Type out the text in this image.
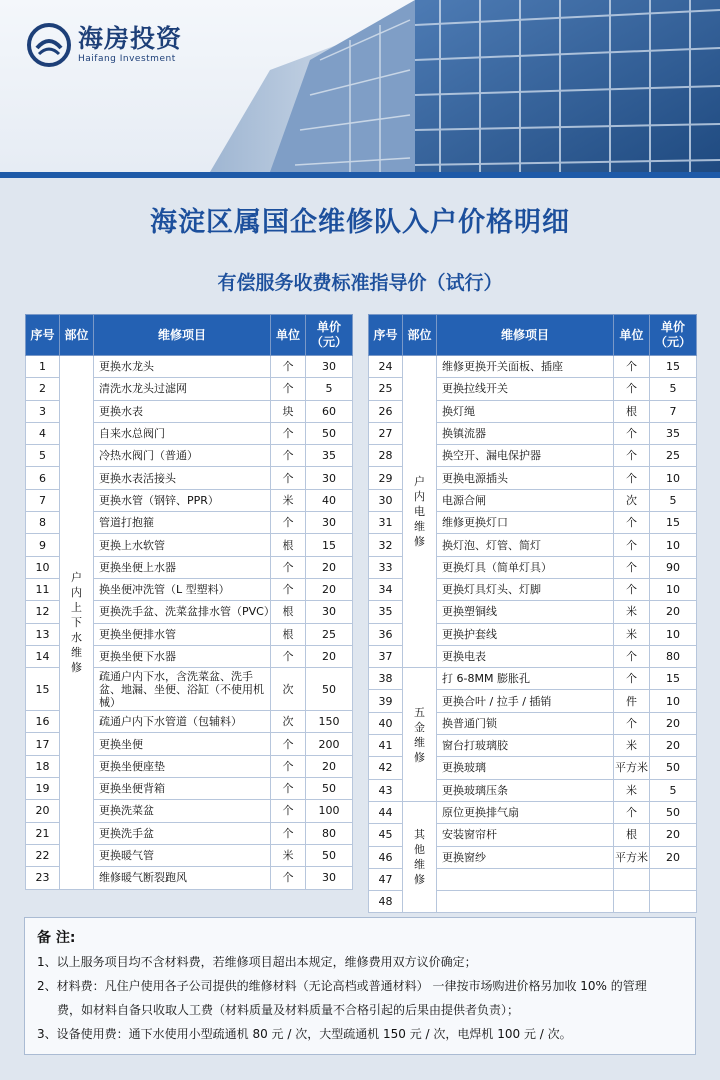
海房投资
Haifang Investment
海淀区属国企维修队入户价格明细
有偿服务收费标准指导价（试行）
序号	部位	维修项目	单位	单价（元）
1	户内上下水维修	更换水龙头	个	30
2		清洗水龙头过滤网	个	5
3		更换水表	块	60
4		自来水总阀门	个	50
5		冷热水阀门（普通）	个	35
6		更换水表活接头	个	30
7		更换水管（钢锌、PPR）	米	40
8		管道打抱箍	个	30
9		更换上水软管	根	15
10		更换坐便上水器	个	20
11		换坐便冲洗管（L 型塑料）	个	20
12		更换洗手盆、洗菜盆排水管（PVC）	根	30
13		更换坐便排水管	根	25
14		更换坐便下水器	个	20
15		疏通户内下水，含洗菜盆、洗手盆、地漏、坐便、浴缸（不使用机械）	次	50
16		疏通户内下水管道（包辅料）	次	150
17		更换坐便	个	200
18		更换坐便座垫	个	20
19		更换坐便背箱	个	50
20		更换洗菜盆	个	100
21		更换洗手盆	个	80
22		更换暖气管	米	50
23		维修暖气断裂跑风	个	30
序号	部位	维修项目	单位	单价（元）
24	户内电维修	维修更换开关面板、插座	个	15
25		更换拉线开关	个	5
26		换灯绳	根	7
27		换镇流器	个	35
28		换空开、漏电保护器	个	25
29		更换电源插头	个	10
30		电源合闸	次	5
31		维修更换灯口	个	15
32		换灯泡、灯管、简灯	个	10
33		更换灯具（简单灯具）	个	90
34		更换灯具灯头、灯脚	个	10
35		更换塑铜线	米	20
36		更换护套线	米	10
37		更换电表	个	80
38	五金维修	打 6-8MM 膨胀孔	个	15
39		更换合叶 / 拉手 / 插销	件	10
40		换普通门锁	个	20
41		窗台打玻璃胶	米	20
42		更换玻璃	平方米	50
43		更换玻璃压条	米	5
44	其他维修	原位更换排气扇	个	50
45		安装窗帘杆	根	20
46		更换窗纱	平方米	20
47				
48				
备 注:
1、以上服务项目均不含材料费，若维修项目超出本规定，维修费用双方议价确定；
2、材料费：凡住户使用各子公司提供的维修材料（无论高档或普通材料） 一律按市场购进价格另加收 10% 的管理
费，如材料自备只收取人工费（材料质量及材料质量不合格引起的后果由提供者负责）；
3、设备使用费：通下水使用小型疏通机 80 元 / 次，大型疏通机 150 元 / 次，电焊机 100 元 / 次。
